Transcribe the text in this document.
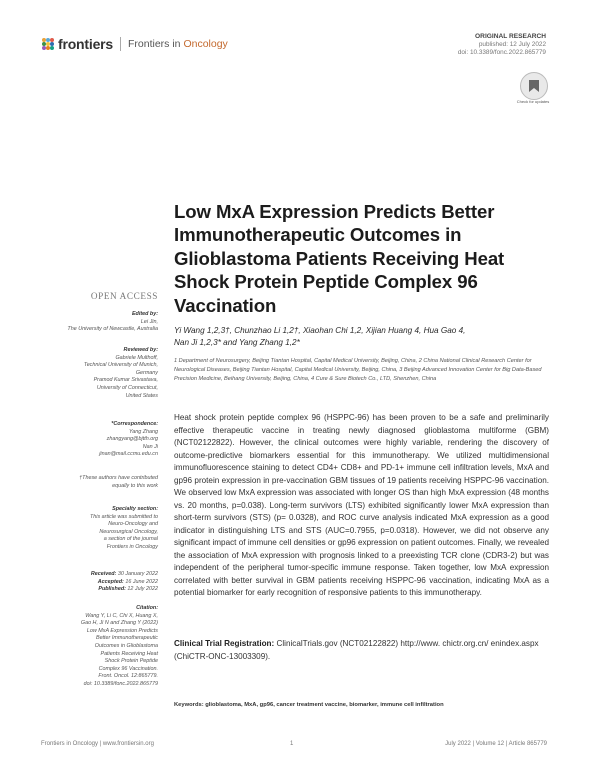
frontiers Frontiers in Oncology
ORIGINAL RESEARCH
published: 12 July 2022
doi: 10.3389/fonc.2022.865779
Check for updates
Low MxA Expression Predicts Better Immunotherapeutic Outcomes in Glioblastoma Patients Receiving Heat Shock Protein Peptide Complex 96 Vaccination
Yi Wang 1,2,3†, Chunzhao Li 1,2†, Xiaohan Chi 1,2, Xijian Huang 4, Hua Gao 4,
Nan Ji 1,2,3* and Yang Zhang 1,2*
1 Department of Neurosurgery, Beijing Tiantan Hospital, Capital Medical University, Beijing, China, 2 China National Clinical Research Center for Neurological Diseases, Beijing Tiantan Hospital, Capital Medical University, Beijing, China, 3 Beijing Advanced Innovation Center for Big Data-Based Precision Medicine, Beihang University, Beijing, China, 4 Cure & Sure Biotech Co., LTD, Shenzhen, China

Heat shock protein peptide complex 96 (HSPPC-96) has been proven to be a safe and preliminarily effective therapeutic vaccine in treating newly diagnosed glioblastoma multiforme (GBM) (NCT02122822). However, the clinical outcomes were highly variable, rendering the discovery of outcome-predictive biomarkers essential for this immunotherapy. We utilized multidimensional immunofluorescence staining to detect CD4+ CD8+ and PD-1+ immune cell infiltration levels, MxA and gp96 protein expression in pre-vaccination GBM tissues of 19 patients receiving HSPPC-96 vaccination. We observed low MxA expression was associated with longer OS than high MxA expression (48 months vs. 20 months, p=0.038). Long-term survivors (LTS) exhibited significantly lower MxA expression than short-term survivors (STS) (p= 0.0328), and ROC curve analysis indicated MxA expression as a good indicator in distinguishing LTS and STS (AUC=0.7955, p=0.0318). However, we did not observe any significant impact of immune cell densities or gp96 expression on patient outcomes. Finally, we revealed the association of MxA expression with prognosis linked to a preexisting TCR clone (CDR3-2) but was independent of the peripheral tumor-specific immune response. Taken together, low MxA expression correlated with better survival in GBM patients receiving HSPPC-96 vaccination, indicating MxA as a potential biomarker for early recognition of responsive patients to this immunotherapy.

Clinical Trial Registration: ClinicalTrials.gov (NCT02122822) http://www. chictr.org.cn/ enindex.aspx (ChiCTR-ONC-13003309).
Keywords: glioblastoma, MxA, gp96, cancer treatment vaccine, biomarker, immune cell infiltration
OPEN ACCESS
Edited by:
Lei Jin,
The University of Newcastle, Australia
Reviewed by:
Gabriele Multhoff,
Technical University of Munich,
Germany
Pramod Kumar Srivastava,
University of Connecticut,
United States
*Correspondence:
Yang Zhang
zhangyang@bjtth.org
Nan Ji
jinan@mail.ccmu.edu.cn
†These authors have contributed
equally to this work
Specialty section:
This article was submitted to
Neuro-Oncology and
Neurosurgical Oncology,
a section of the journal
Frontiers in Oncology
Received: 30 January 2022
Accepted: 16 June 2022
Published: 12 July 2022
Citation:
Wang Y, Li C, Chi X, Huang X,
Gao H, Ji N and Zhang Y (2022)
Low MxA Expression Predicts
Better Immunotherapeutic
Outcomes in Glioblastoma
Patients Receiving Heat
Shock Protein Peptide
Complex 96 Vaccination.
Front. Oncol. 12:865779.
doi: 10.3389/fonc.2022.865779
Frontiers in Oncology | www.frontiersin.org	1	July 2022 | Volume 12 | Article 865779
